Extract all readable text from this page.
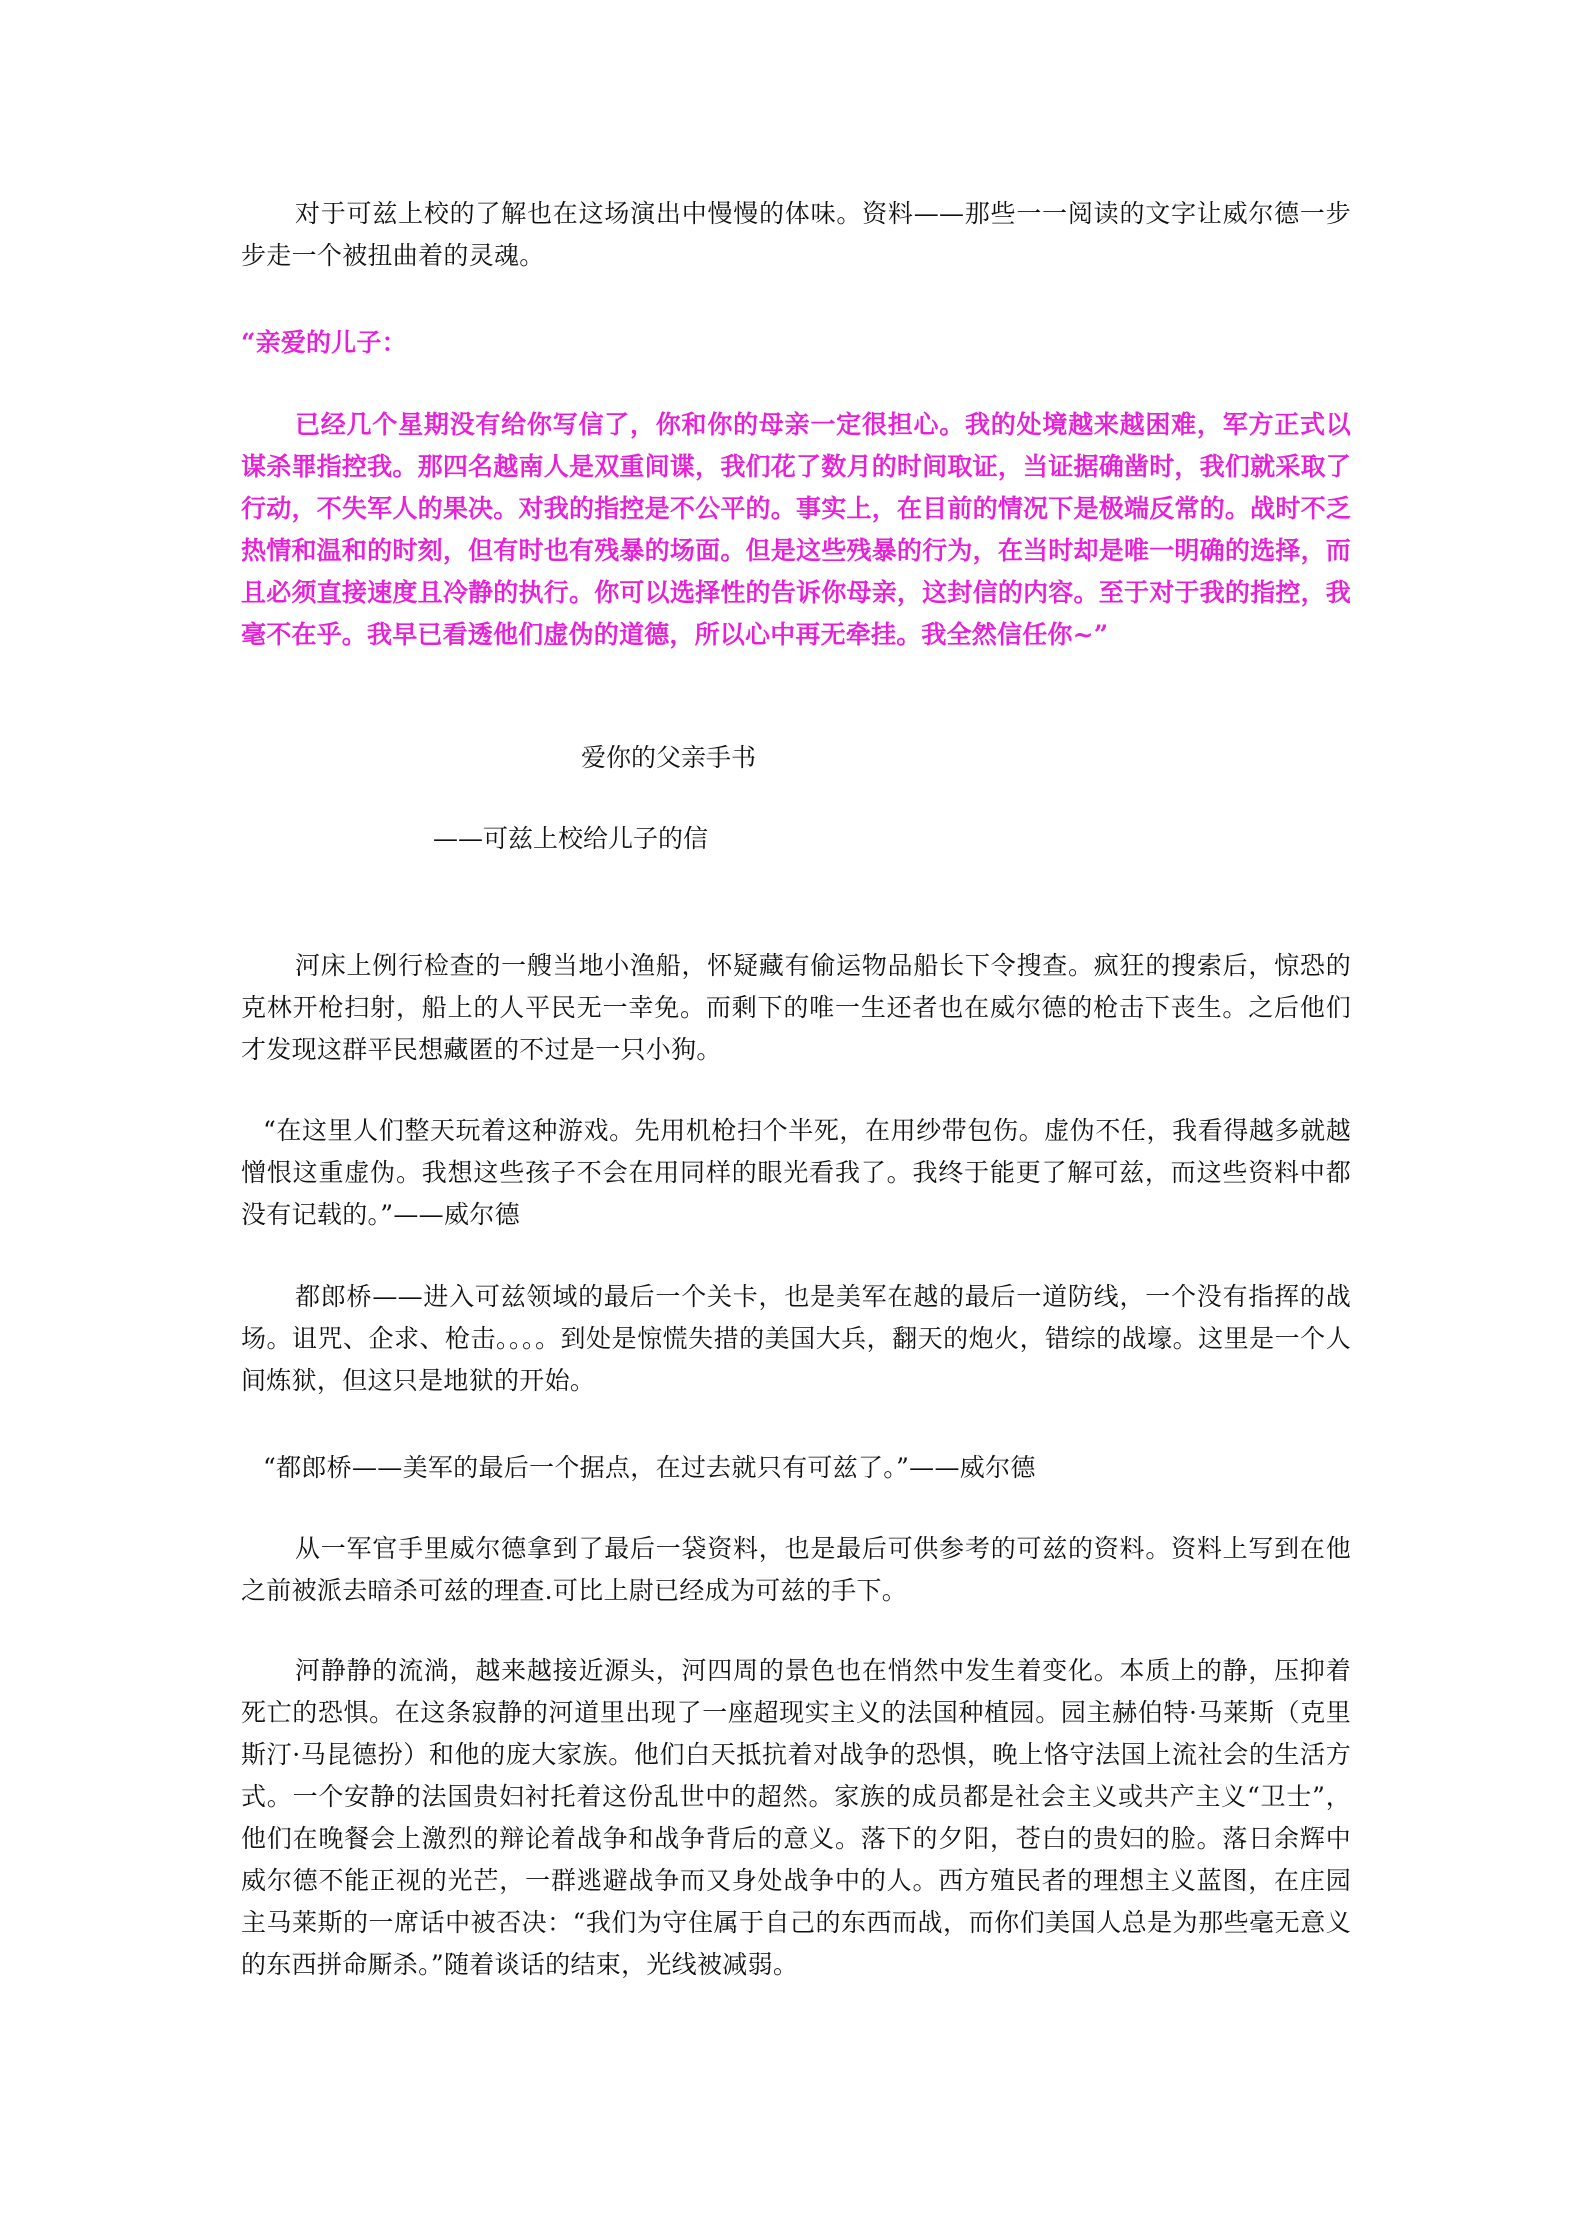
对于可兹上校的了解也在这场演出中慢慢的体味。资料——那些一一阅读的文字让威尔德一步步走一个被扭曲着的灵魂。

“亲爱的儿子：

已经几个星期没有给你写信了，你和你的母亲一定很担心。我的处境越来越困难，军方正式以谋杀罪指控我。那四名越南人是双重间谍，我们花了数月的时间取证，当证据确凿时，我们就采取了行动，不失军人的果决。对我的指控是不公平的。事实上，在目前的情况下是极端反常的。战时不乏热情和温和的时刻，但有时也有残暴的场面。但是这些残暴的行为，在当时却是唯一明确的选择，而且必须直接速度且冷静的执行。你可以选择性的告诉你母亲，这封信的内容。至于对于我的指控，我毫不在乎。我早已看透他们虚伪的道德，所以心中再无牵挂。我全然信任你~”

爱你的父亲手书

——可兹上校给儿子的信

河床上例行检查的一艘当地小渔船，怀疑藏有偷运物品船长下令搜查。疯狂的搜索后，惊恐的克林开枪扫射，船上的人平民无一幸免。而剩下的唯一生还者也在威尔德的枪击下丧生。之后他们才发现这群平民想藏匿的不过是一只小狗。

“在这里人们整天玩着这种游戏。先用机枪扫个半死，在用纱带包伤。虚伪不任，我看得越多就越憎恨这重虚伪。我想这些孩子不会在用同样的眼光看我了。我终于能更了解可兹，而这些资料中都没有记载的。”——威尔德

都郎桥——进入可兹领域的最后一个关卡，也是美军在越的最后一道防线，一个没有指挥的战场。诅咒、企求、枪击。。。。到处是惊慌失措的美国大兵，翻天的炮火，错综的战壕。这里是一个人间炼狱，但这只是地狱的开始。

“都郎桥——美军的最后一个据点，在过去就只有可兹了。”——威尔德

从一军官手里威尔德拿到了最后一袋资料，也是最后可供参考的可兹的资料。资料上写到在他之前被派去暗杀可兹的理查.可比上尉已经成为可兹的手下。

河静静的流淌，越来越接近源头，河四周的景色也在悄然中发生着变化。本质上的静，压抑着死亡的恐惧。在这条寂静的河道里出现了一座超现实主义的法国种植园。园主赫伯特·马莱斯（克里斯汀·马昆德扮）和他的庞大家族。他们白天抵抗着对战争的恐惧，晚上恪守法国上流社会的生活方式。一个安静的法国贵妇衬托着这份乱世中的超然。家族的成员都是社会主义或共产主义“卫士”，他们在晚餐会上激烈的辩论着战争和战争背后的意义。落下的夕阳，苍白的贵妇的脸。落日余辉中威尔德不能正视的光芒，一群逃避战争而又身处战争中的人。西方殖民者的理想主义蓝图，在庄园主马莱斯的一席话中被否决：“我们为守住属于自己的东西而战，而你们美国人总是为那些毫无意义的东西拼命厮杀。”随着谈话的结束，光线被减弱。
